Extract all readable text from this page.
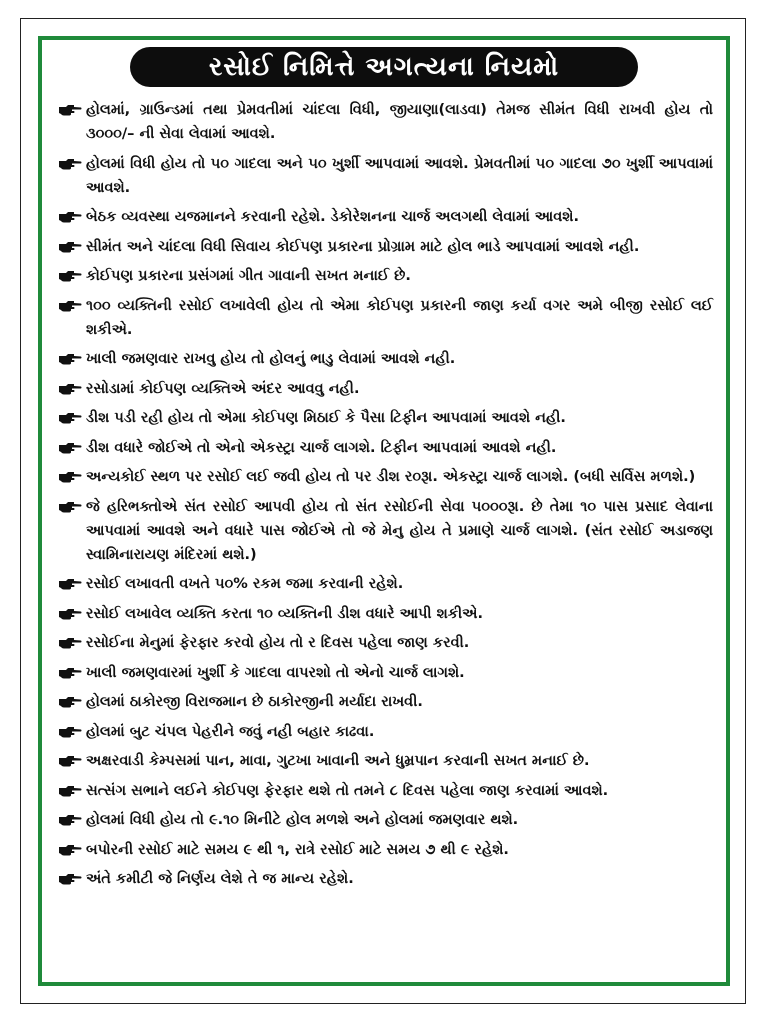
રસોઈ નિમિત્તે અગત્યના નિયમો
હોલમાં, ગ્રાઉન્ડમાં તથા પ્રેમવતીમાં ચાંદલા વિધી, જીયાણા(લાડવા) તેમજ સીમંત વિધી રાખવી હોય તો ૩૦૦૦/– ની સેવા લેવામાં આવશે.
હોલમાં વિધી હોય તો ૫૦ ગાદલા અને ૫૦ ખુર્શી આપવામાં આવશે. પ્રેમવતીમાં ૫૦ ગાદલા ૭૦ ખુર્શી આપવામાં આવશે.
બેઠક વ્યવસ્થા યજમાનને કરવાની રહેશે. ડેકોરેશનના ચાર્જ અલગથી લેવામાં આવશે.
સીમંત અને ચાંદલા વિધી સિવાય કોઈપણ પ્રકારના પ્રોગ્રામ માટે હોલ ભાડે આપવામાં આવશે નહી.
કોઈપણ પ્રકારના પ્રસંગમાં ગીત ગાવાની સખત મનાઈ છે.
૧૦૦ વ્યક્તિની રસોઈ લખાવેલી હોય તો એમા કોઈપણ પ્રકારની જાણ કર્યા વગર અમે બીજી રસોઈ લઈ શકીએ.
ખાલી જમણવાર રાખવુ હોય તો હોલનું ભાડુ લેવામાં આવશે નહી.
રસોડામાં કોઈપણ વ્યક્તિએ અંદર આવવુ નહી.
ડીશ પડી રહી હોય તો એમા કોઈપણ મિઠાઈ કે પૈસા ટિફીન આપવામાં આવશે નહી.
ડીશ વધારે જોઈએ તો એનો એકસ્ટ્રા ચાર્જ લાગશે. ટિફીન આપવામાં આવશે નહી.
અન્યકોઈ સ્થળ પર રસોઈ લઈ જવી હોય તો પર ડીશ ર૦રૂા. એકસ્ટ્રા ચાર્જ લાગશે. (બધી સર્વિસ મળશે.)
જે હરિભક્તોએ સંત રસોઈ આપવી હોય તો સંત રસોઈની સેવા ૫૦૦૦રૂા. છે તેમા ૧૦ પાસ પ્રસાદ લેવાના આપવામાં આવશે અને વધારે પાસ જોઈએ તો જે મેનુ હોય તે પ્રમાણે ચાર્જ લાગશે. (સંત રસોઈ અડાજણ સ્વામિનારાયણ મંદિરમાં થશે.)
રસોઈ લખાવતી વખતે ૫૦% રકમ જમા કરવાની રહેશે.
રસોઈ લખાવેલ વ્યક્તિ કરતા ૧૦ વ્યક્તિની ડીશ વધારે આપી શકીએ.
રસોઈના મેનુમાં ફેરફાર કરવો હોય તો ર દિવસ પહેલા જાણ કરવી.
ખાલી જમણવારમાં ખુર્શી કે ગાદલા વાપરશો તો એનો ચાર્જ લાગશે.
હોલમાં ઠાકોરજી વિરાજમાન છે ઠાકોરજીની મર્યાદા રાખવી.
હોલમાં બુટ ચંપલ પેહરીને જવું નહી બહાર કાઢવા.
અક્ષરવાડી કેમ્પસમાં પાન, માવા, ગુટખા ખાવાની અને ધુમ્રપાન કરવાની સખત મનાઈ છે.
સત્સંગ સભાને લઈને કોઈપણ ફેરફાર થશે તો તમને ૮ દિવસ પહેલા જાણ કરવામાં આવશે.
હોલમાં વિધી હોય તો ૯.૧૦ મિનીટે હોલ મળશે અને હોલમાં જમણવાર થશે.
બપોરની રસોઈ માટે સમય ૯ થી ૧, રાત્રે રસોઈ માટે સમય ૭ થી ૯ રહેશે.
અંતે કમીટી જે નિર્ણય લેશે તે જ માન્ય રહેશે.
